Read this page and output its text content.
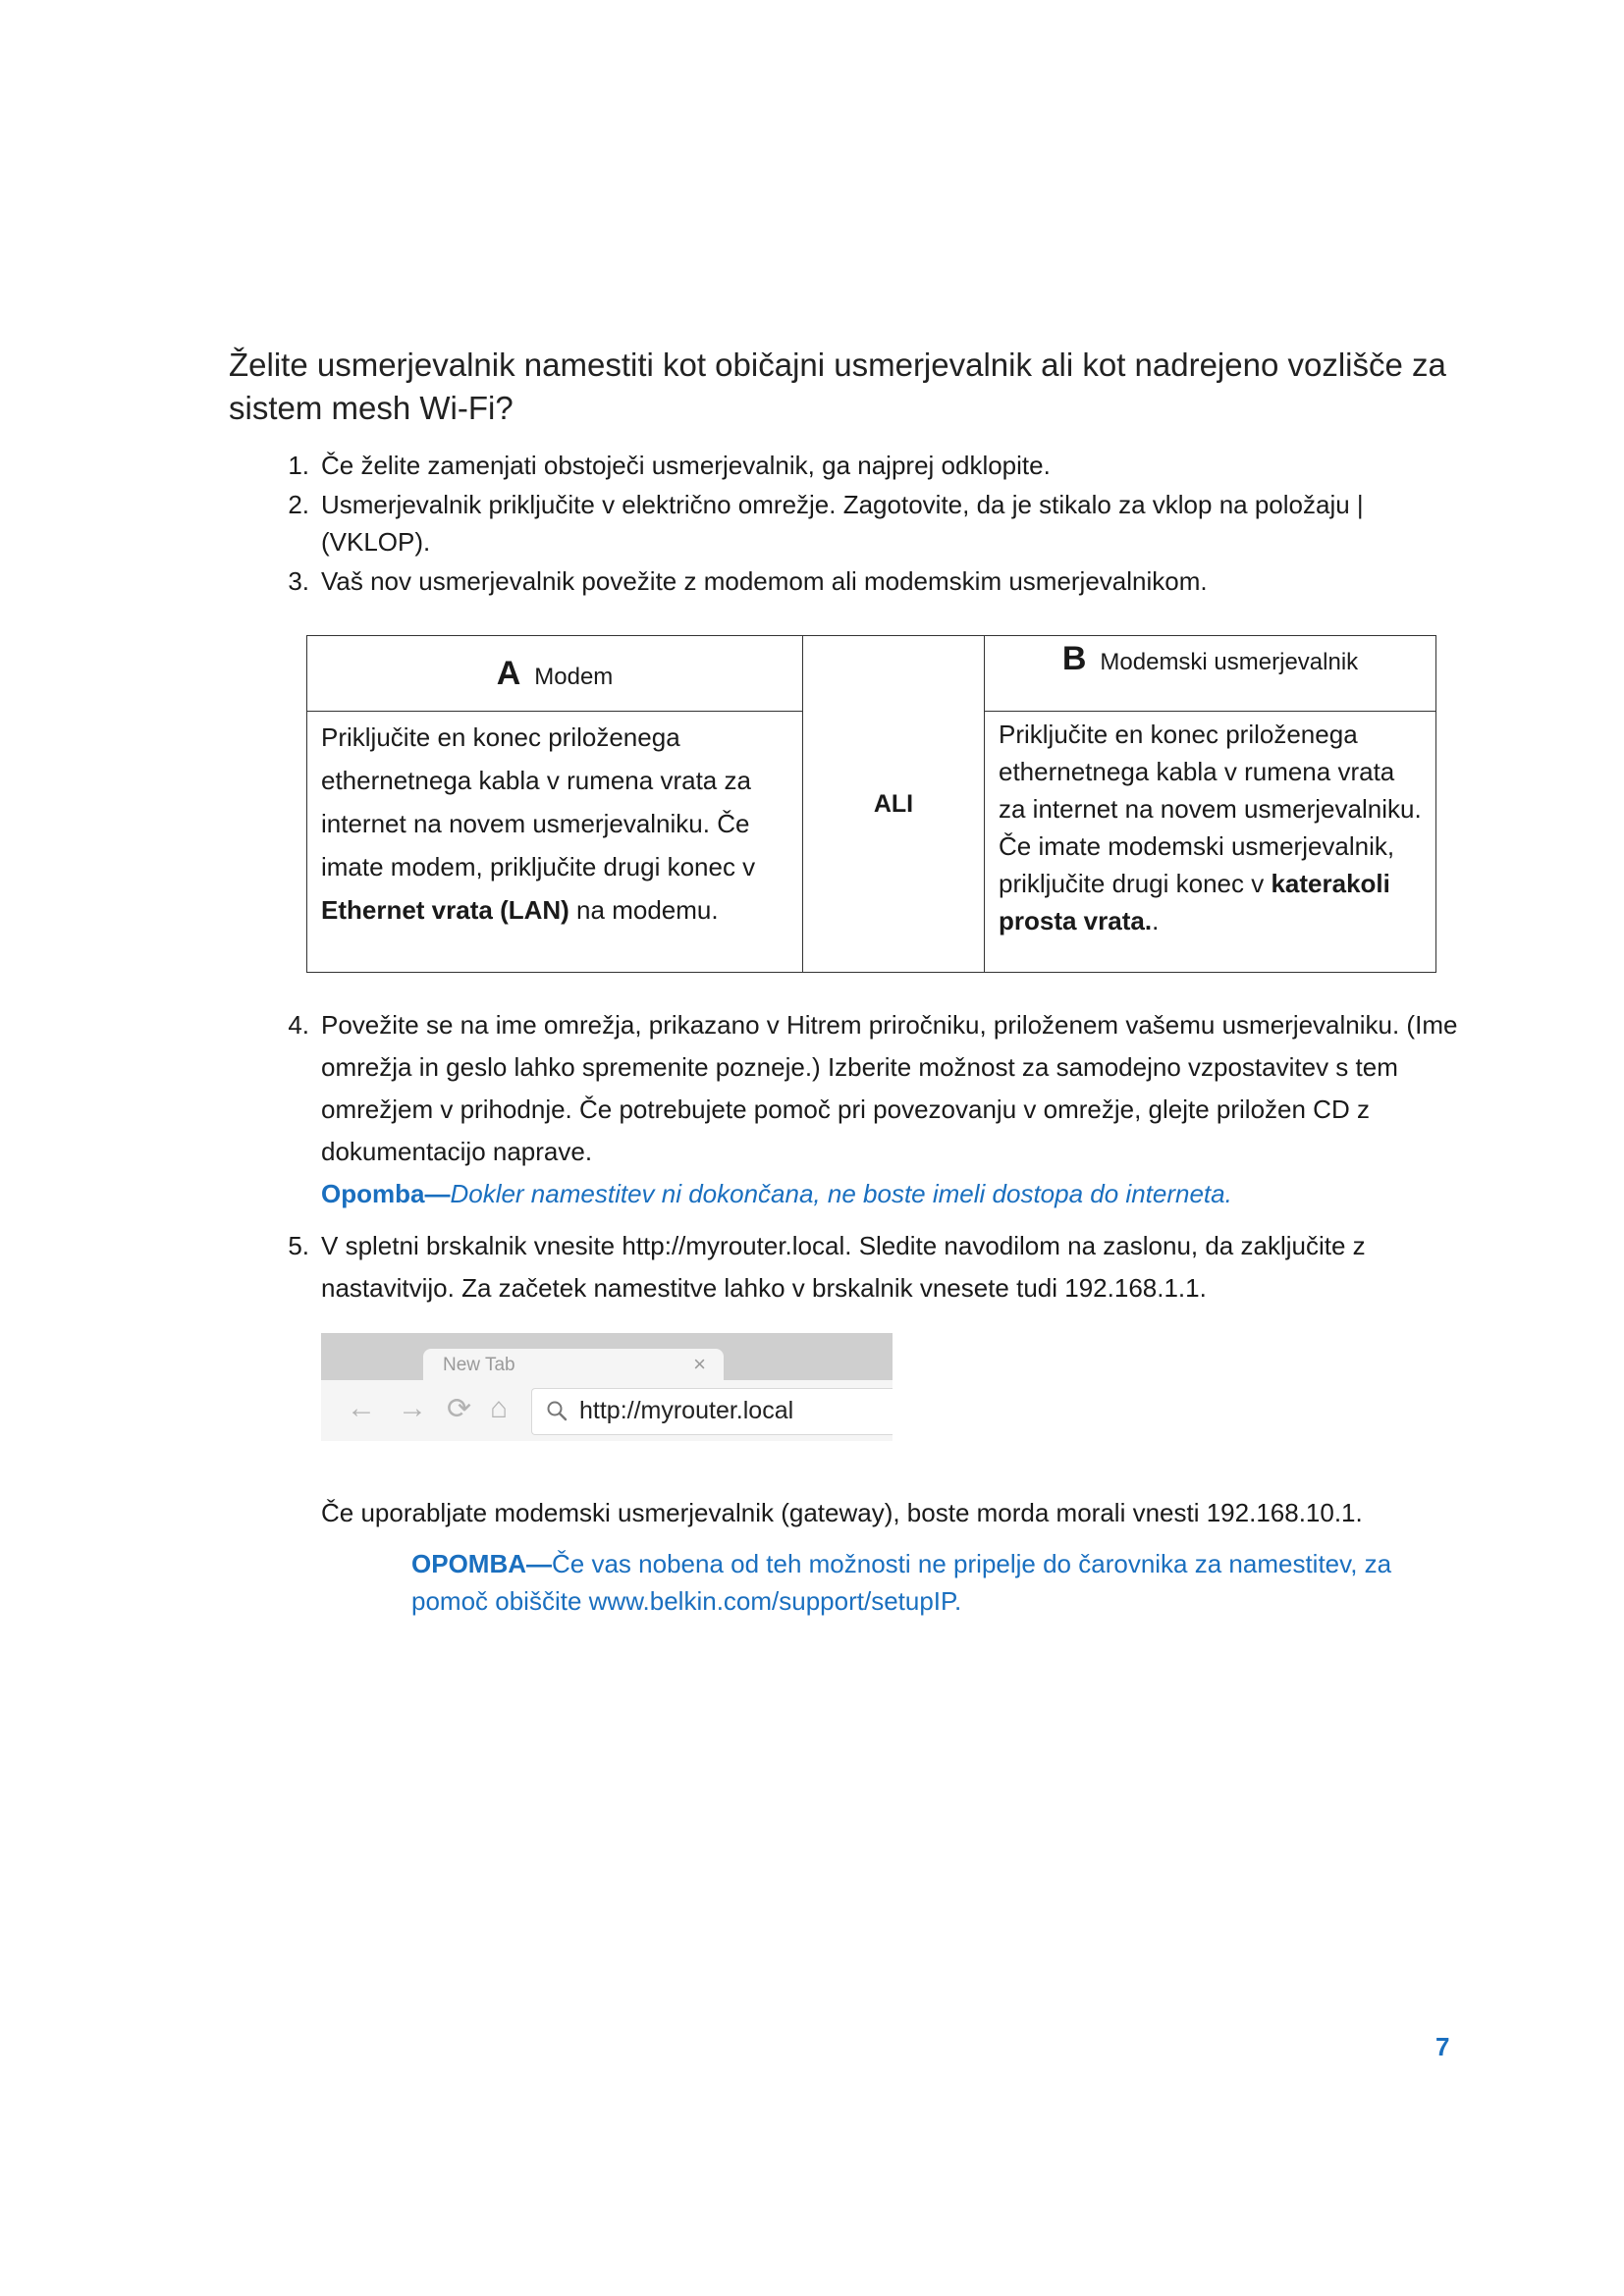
Želite usmerjevalnik namestiti kot običajni usmerjevalnik ali kot nadrejeno vozlišče za sistem mesh Wi-Fi?
1. Če želite zamenjati obstoječi usmerjevalnik, ga najprej odklopite.
2. Usmerjevalnik priključite v električno omrežje. Zagotovite, da je stikalo za vklop na položaju | (VKLOP).
3. Vaš nov usmerjevalnik povežite z modemom ali modemskim usmerjevalnikom.
A Modem	ALI	B Modemski usmerjevalnik
Priključite en konec priloženega ethernetnega kabla v rumena vrata za internet na novem usmerjevalniku. Če imate modem, priključite drugi konec v Ethernet vrata (LAN) na modemu.		Priključite en konec priloženega ethernetnega kabla v rumena vrata za internet na novem usmerjevalniku. Če imate modemski usmerjevalnik, priključite drugi konec v katerakoli prosta vrata..
4. Povežite se na ime omrežja, prikazano v Hitrem priročniku, priloženem vašemu usmerjevalniku. (Ime omrežja in geslo lahko spremenite pozneje.) Izberite možnost za samodejno vzpostavitev s tem omrežjem v prihodnje. Če potrebujete pomoč pri povezovanju v omrežje, glejte priložen CD z dokumentacijo naprave.
Opomba—Dokler namestitev ni dokončana, ne boste imeli dostopa do interneta.
5. V spletni brskalnik vnesite http://myrouter.local. Sledite navodilom na zaslonu, da zaključite z nastavitvijo. Za začetek namestitve lahko v brskalnik vnesete tudi 192.168.1.1.
New Tab	×
← → ⟳ ⌂	http://myrouter.local
Če uporabljate modemski usmerjevalnik (gateway), boste morda morali vnesti 192.168.10.1.
OPOMBA—Če vas nobena od teh možnosti ne pripelje do čarovnika za namestitev, za pomoč obiščite www.belkin.com/support/setupIP.
7
